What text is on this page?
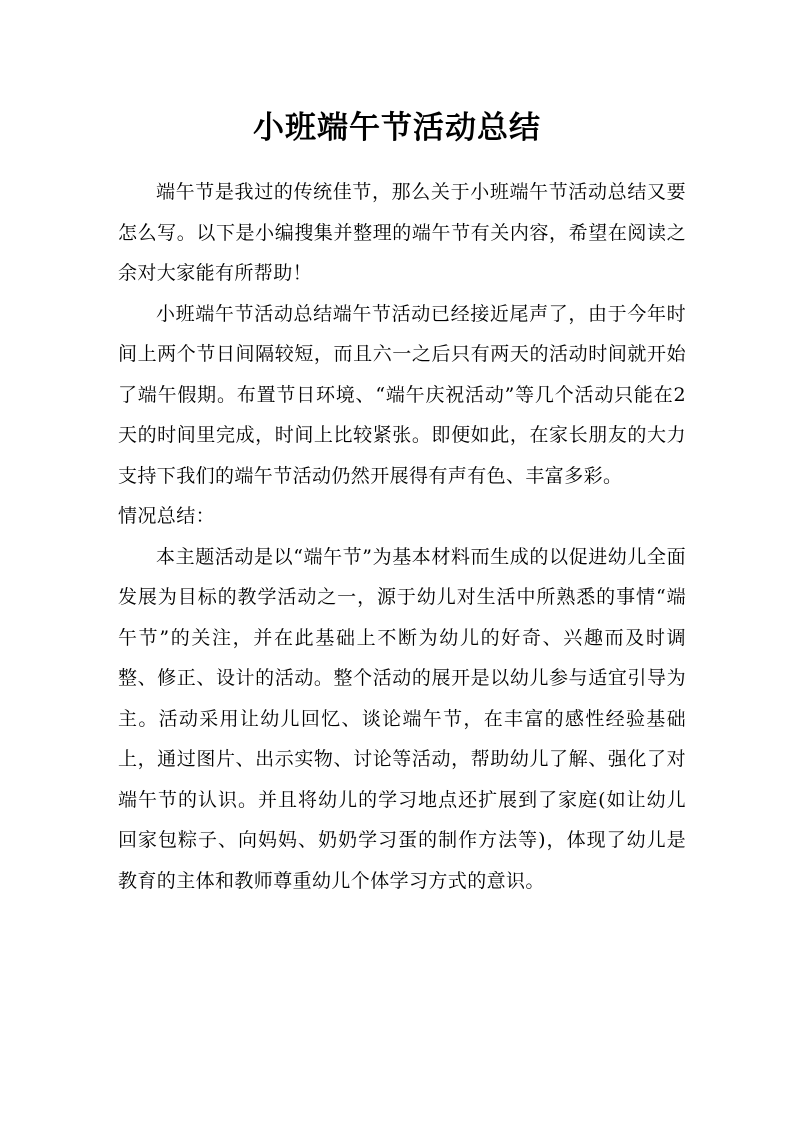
小班端午节活动总结

端午节是我过的传统佳节，那么关于小班端午节活动总结又要怎么写。以下是小编搜集并整理的端午节有关内容，希望在阅读之余对大家能有所帮助！

小班端午节活动总结端午节活动已经接近尾声了，由于今年时间上两个节日间隔较短，而且六一之后只有两天的活动时间就开始了端午假期。布置节日环境、“端午庆祝活动”等几个活动只能在2天的时间里完成，时间上比较紧张。即便如此，在家长朋友的大力支持下我们的端午节活动仍然开展得有声有色、丰富多彩。

情况总结：

本主题活动是以“端午节”为基本材料而生成的以促进幼儿全面发展为目标的教学活动之一，源于幼儿对生活中所熟悉的事情“端午节”的关注，并在此基础上不断为幼儿的好奇、兴趣而及时调整、修正、设计的活动。整个活动的展开是以幼儿参与适宜引导为主。活动采用让幼儿回忆、谈论端午节，在丰富的感性经验基础上，通过图片、出示实物、讨论等活动，帮助幼儿了解、强化了对端午节的认识。并且将幼儿的学习地点还扩展到了家庭(如让幼儿回家包粽子、向妈妈、奶奶学习蛋的制作方法等)，体现了幼儿是教育的主体和教师尊重幼儿个体学习方式的意识。
